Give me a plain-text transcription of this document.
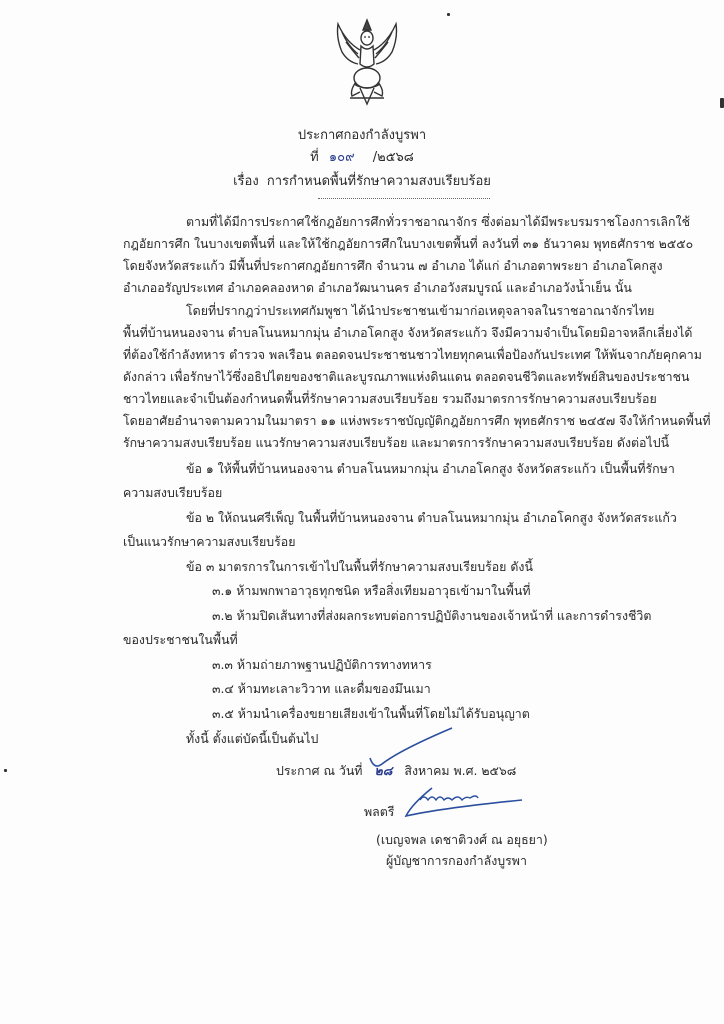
ประกาศกองกำลังบูรพา
ที่ ๑๐๙ /๒๕๖๘
เรื่อง การกำหนดพื้นที่รักษาความสงบเรียบร้อย
ตามที่ได้มีการประกาศใช้กฎอัยการศึกทั่วราชอาณาจักร ซึ่งต่อมาได้มีพระบรมราชโองการเลิกใช้
กฎอัยการศึก ในบางเขตพื้นที่ และให้ใช้กฎอัยการศึกในบางเขตพื้นที่ ลงวันที่ ๓๑ ธันวาคม พุทธศักราช ๒๕๕๐
โดยจังหวัดสระแก้ว มีพื้นที่ประกาศกฎอัยการศึก จำนวน ๗ อำเภอ ได้แก่ อำเภอตาพระยา อำเภอโคกสูง
อำเภออรัญประเทศ อำเภอคลองหาด อำเภอวัฒนานคร อำเภอวังสมบูรณ์ และอำเภอวังน้ำเย็น นั้น
โดยที่ปรากฎว่าประเทศกัมพูชา ได้นำประชาชนเข้ามาก่อเหตุจลาจลในราชอาณาจักรไทย
พื้นที่บ้านหนองจาน ตำบลโนนหมากมุ่น อำเภอโคกสูง จังหวัดสระแก้ว จึงมีความจำเป็นโดยมิอาจหลีกเลี่ยงได้
ที่ต้องใช้กำลังทหาร ตำรวจ พลเรือน ตลอดจนประชาชนชาวไทยทุกคนเพื่อป้องกันประเทศ ให้พ้นจากภัยคุกคาม
ดังกล่าว เพื่อรักษาไว้ซึ่งอธิปไตยของชาติและบูรณภาพแห่งดินแดน ตลอดจนชีวิตและทรัพย์สินของประชาชน
ชาวไทยและจำเป็นต้องกำหนดพื้นที่รักษาความสงบเรียบร้อย รวมถึงมาตรการรักษาความสงบเรียบร้อย
โดยอาศัยอำนาจตามความในมาตรา ๑๑ แห่งพระราชบัญญัติกฎอัยการศึก พุทธศักราช ๒๔๕๗ จึงให้กำหนดพื้นที่
รักษาความสงบเรียบร้อย แนวรักษาความสงบเรียบร้อย และมาตรการรักษาความสงบเรียบร้อย ดังต่อไปนี้
ข้อ ๑ ให้พื้นที่บ้านหนองจาน ตำบลโนนหมากมุ่น อำเภอโคกสูง จังหวัดสระแก้ว เป็นพื้นที่รักษา
ความสงบเรียบร้อย
ข้อ ๒ ให้ถนนศรีเพ็ญ ในพื้นที่บ้านหนองจาน ตำบลโนนหมากมุ่น อำเภอโคกสูง จังหวัดสระแก้ว
เป็นแนวรักษาความสงบเรียบร้อย
ข้อ ๓ มาตรการในการเข้าไปในพื้นที่รักษาความสงบเรียบร้อย ดังนี้
๓.๑ ห้ามพกพาอาวุธทุกชนิด หรือสิ่งเทียมอาวุธเข้ามาในพื้นที่
๓.๒ ห้ามปิดเส้นทางที่ส่งผลกระทบต่อการปฏิบัติงานของเจ้าหน้าที่ และการดำรงชีวิต
ของประชาชนในพื้นที่
๓.๓ ห้ามถ่ายภาพฐานปฏิบัติการทางทหาร
๓.๔ ห้ามทะเลาะวิวาท และดื่มของมึนเมา
๓.๕ ห้ามนำเครื่องขยายเสียงเข้าในพื้นที่โดยไม่ได้รับอนุญาต
ทั้งนี้ ตั้งแต่บัดนี้เป็นต้นไป
ประกาศ ณ วันที่ ๒๘ สิงหาคม พ.ศ. ๒๕๖๘
พลตรี
(เบญจพล เดชาติวงศ์ ณ อยุธยา)
ผู้บัญชาการกองกำลังบูรพา
